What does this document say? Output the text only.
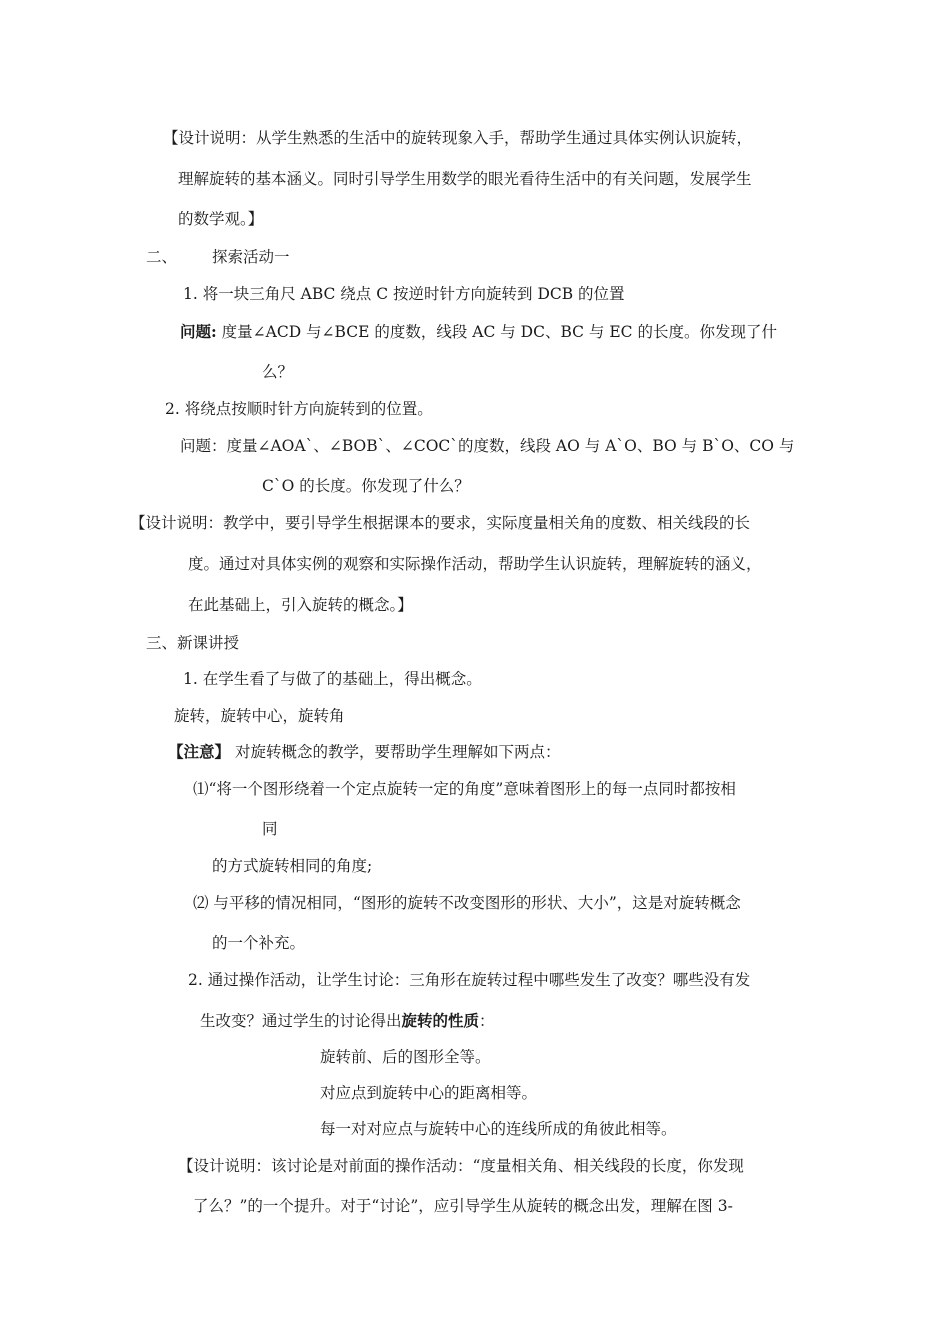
【设计说明：从学生熟悉的生活中的旋转现象入手，帮助学生通过具体实例认识旋转，
理解旋转的基本涵义。同时引导学生用数学的眼光看待生活中的有关问题，发展学生
的数学观。】
二、 探索活动一
1. 将一块三角尺 ABC 绕点 C 按逆时针方向旋转到 DCB 的位置
问题: 度量∠ACD 与∠BCE 的度数，线段 AC 与 DC、BC 与 EC 的长度。你发现了什
么？
2. 将绕点按顺时针方向旋转到的位置。
问题：度量∠AOA`、∠BOB`、∠COC`的度数，线段 AO 与 A`O、BO 与 B`O、CO 与
C`O 的长度。你发现了什么？
【设计说明：教学中，要引导学生根据课本的要求，实际度量相关角的度数、相关线段的长
度。通过对具体实例的观察和实际操作活动，帮助学生认识旋转，理解旋转的涵义，
在此基础上，引入旋转的概念。】
三、新课讲授
1. 在学生看了与做了的基础上，得出概念。
旋转，旋转中心，旋转角
【注意】 对旋转概念的教学，要帮助学生理解如下两点：
⑴“将一个图形绕着一个定点旋转一定的角度”意味着图形上的每一点同时都按相
同
的方式旋转相同的角度;
⑵ 与平移的情况相同，“图形的旋转不改变图形的形状、大小”，这是对旋转概念
的一个补充。
2. 通过操作活动，让学生讨论：三角形在旋转过程中哪些发生了改变？哪些没有发
生改变？通过学生的讨论得出旋转的性质：
旋转前、后的图形全等。
对应点到旋转中心的距离相等。
每一对对应点与旋转中心的连线所成的角彼此相等。
【设计说明：该讨论是对前面的操作活动：“度量相关角、相关线段的长度，你发现
了么？”的一个提升。对于“讨论”，应引导学生从旋转的概念出发，理解在图 3-
